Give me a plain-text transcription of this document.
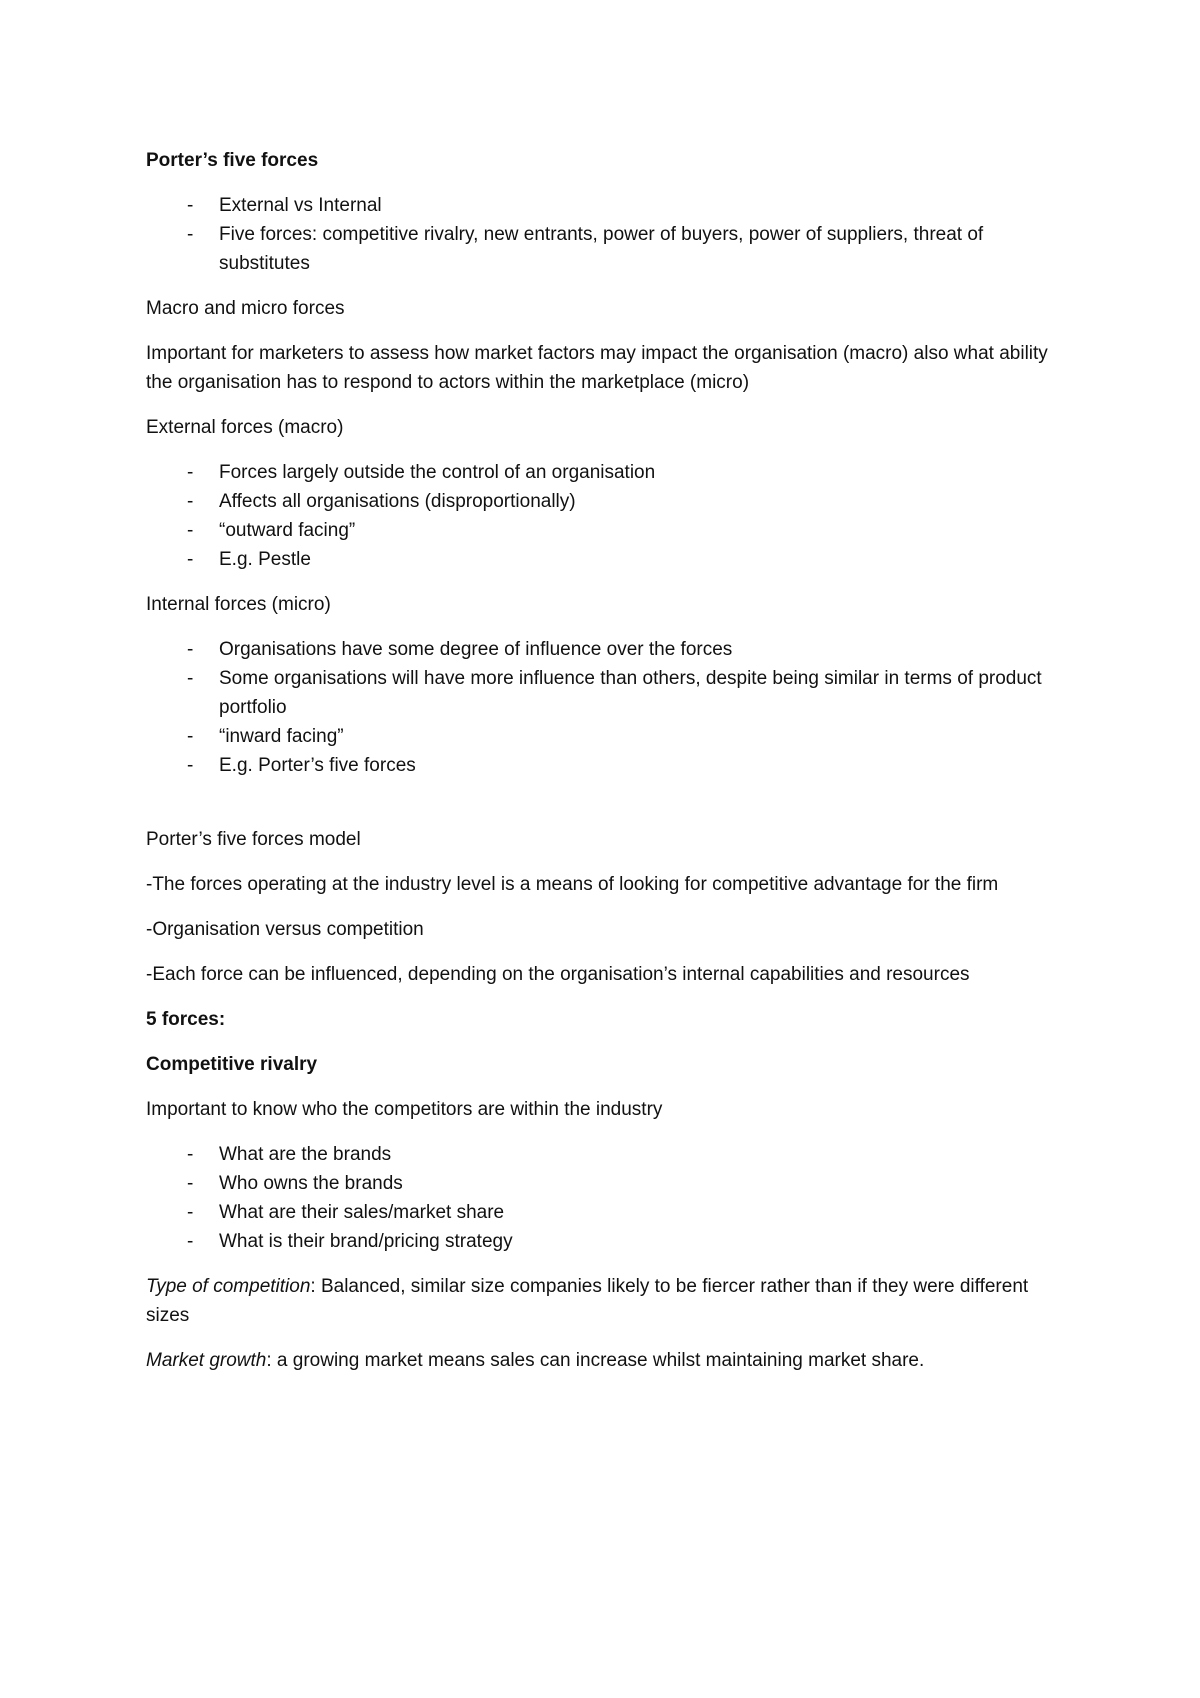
Porter’s five forces

- External vs Internal
- Five forces: competitive rivalry, new entrants, power of buyers, power of suppliers, threat of substitutes

Macro and micro forces

Important for marketers to assess how market factors may impact the organisation (macro) also what ability the organisation has to respond to actors within the marketplace (micro)

External forces (macro)

- Forces largely outside the control of an organisation
- Affects all organisations (disproportionally)
- “outward facing”
- E.g. Pestle

Internal forces (micro)

- Organisations have some degree of influence over the forces
- Some organisations will have more influence than others, despite being similar in terms of product portfolio
- “inward facing”
- E.g. Porter’s five forces

Porter’s five forces model

-The forces operating at the industry level is a means of looking for competitive advantage for the firm

-Organisation versus competition

-Each force can be influenced, depending on the organisation’s internal capabilities and resources

5 forces:

Competitive rivalry

Important to know who the competitors are within the industry

- What are the brands
- Who owns the brands
- What are their sales/market share
- What is their brand/pricing strategy

Type of competition: Balanced, similar size companies likely to be fiercer rather than if they were different sizes

Market growth: a growing market means sales can increase whilst maintaining market share.
